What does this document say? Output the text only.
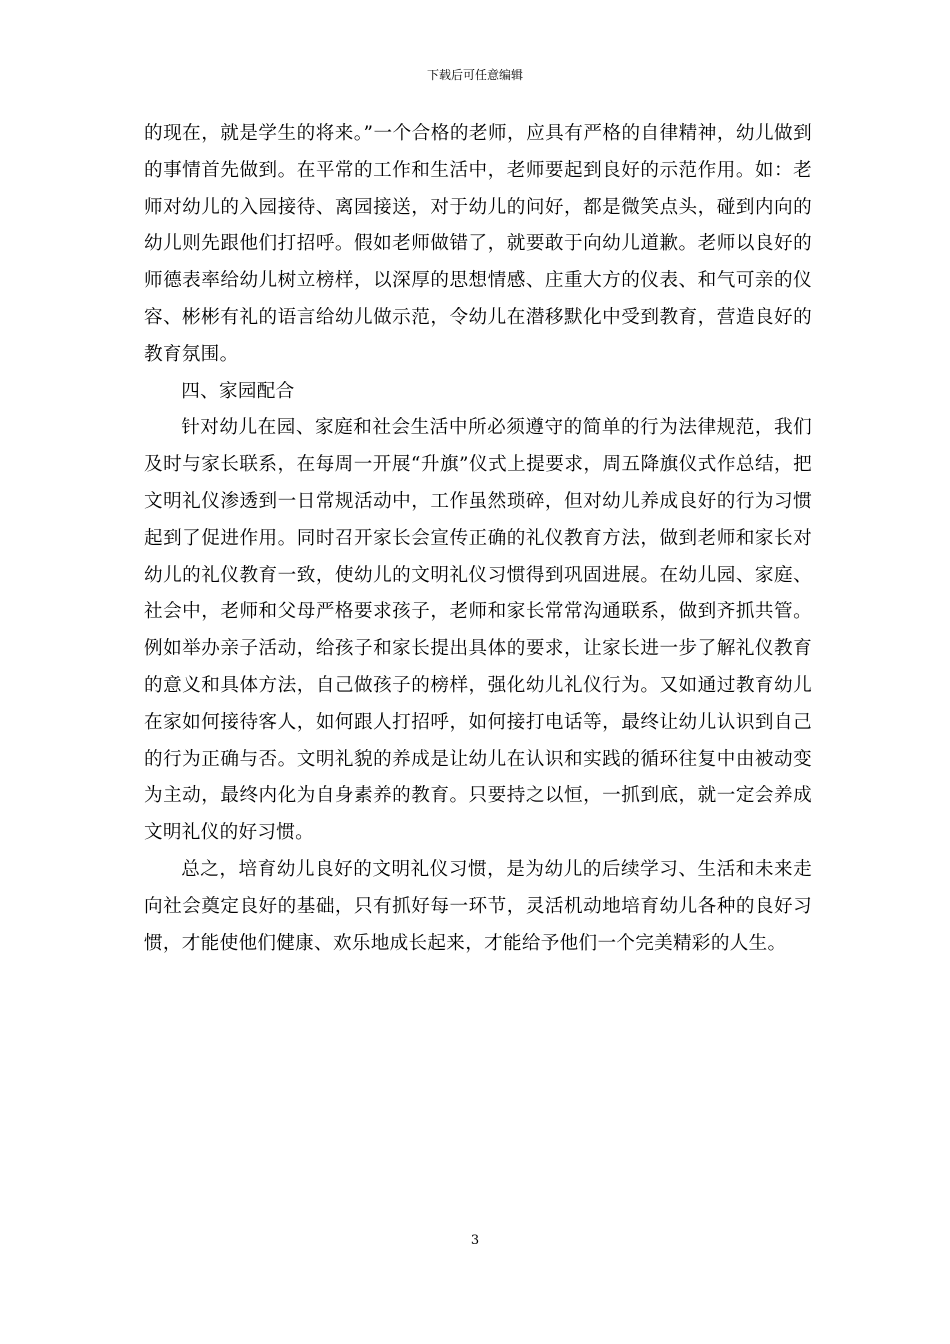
下载后可任意编辑

的现在，就是学生的将来。”一个合格的老师，应具有严格的自律精神，幼儿做到的事情首先做到。在平常的工作和生活中，老师要起到良好的示范作用。如：老师对幼儿的入园接待、离园接送，对于幼儿的问好，都是微笑点头，碰到内向的幼儿则先跟他们打招呼。假如老师做错了，就要敢于向幼儿道歉。老师以良好的师德表率给幼儿树立榜样，以深厚的思想情感、庄重大方的仪表、和气可亲的仪容、彬彬有礼的语言给幼儿做示范，令幼儿在潜移默化中受到教育，营造良好的教育氛围。

四、家园配合

针对幼儿在园、家庭和社会生活中所必须遵守的简单的行为法律规范，我们及时与家长联系，在每周一开展“升旗”仪式上提要求，周五降旗仪式作总结，把文明礼仪渗透到一日常规活动中，工作虽然琐碎，但对幼儿养成良好的行为习惯起到了促进作用。同时召开家长会宣传正确的礼仪教育方法，做到老师和家长对幼儿的礼仪教育一致，使幼儿的文明礼仪习惯得到巩固进展。在幼儿园、家庭、社会中，老师和父母严格要求孩子，老师和家长常常沟通联系，做到齐抓共管。例如举办亲子活动，给孩子和家长提出具体的要求，让家长进一步了解礼仪教育的意义和具体方法，自己做孩子的榜样，强化幼儿礼仪行为。又如通过教育幼儿在家如何接待客人，如何跟人打招呼，如何接打电话等，最终让幼儿认识到自己的行为正确与否。文明礼貌的养成是让幼儿在认识和实践的循环往复中由被动变为主动，最终内化为自身素养的教育。只要持之以恒，一抓到底，就一定会养成文明礼仪的好习惯。

总之，培育幼儿良好的文明礼仪习惯，是为幼儿的后续学习、生活和未来走向社会奠定良好的基础，只有抓好每一环节，灵活机动地培育幼儿各种的良好习惯，才能使他们健康、欢乐地成长起来，才能给予他们一个完美精彩的人生。

3
